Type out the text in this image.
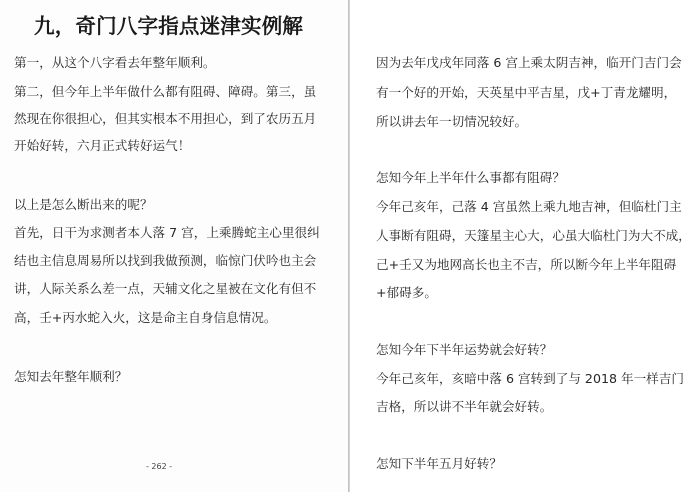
九，奇门八字指点迷津实例解
第一，从这个八字看去年整年顺利。
第二，但今年上半年做什么都有阻碍、障碍。第三，虽
然现在你很担心，但其实根本不用担心，到了农历五月
开始好转，六月正式转好运气！
以上是怎么断出来的呢？
首先，日干为求测者本人落 7 宫，上乘腾蛇主心里很纠
结也主信息周易所以找到我做预测，临惊门伏吟也主会
讲，人际关系么差一点，天辅文化之星被在文化有但不
高，壬+丙水蛇入火，这是命主自身信息情况。
怎知去年整年顺利？
- 262 -
因为去年戊戌年同落 6 宫上乘太阴吉神，临开门吉门会
有一个好的开始，天英星中平吉星，戊+丁青龙耀明，
所以讲去年一切情况较好。
怎知今年上半年什么事都有阻碍？
今年己亥年，己落 4 宫虽然上乘九地吉神，但临杜门主
人事断有阻碍，天篷星主心大，心虽大临杜门为大不成，
己+壬又为地网高长也主不吉，所以断今年上半年阻碍
+郁碍多。
怎知今年下半年运势就会好转？
今年己亥年，亥暗中落 6 宫转到了与 2018 年一样吉门
吉格，所以讲不半年就会好转。
怎知下半年五月好转？
